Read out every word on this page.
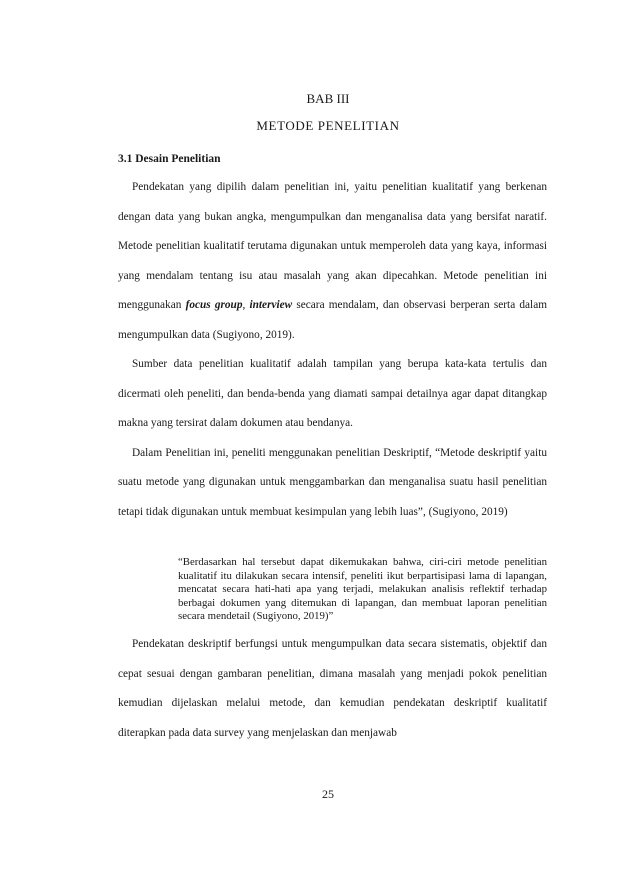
BAB III
METODE PENELITIAN
3.1 Desain Penelitian

Pendekatan yang dipilih dalam penelitian ini, yaitu penelitian kualitatif yang berkenan dengan data yang bukan angka, mengumpulkan dan menganalisa data yang bersifat naratif. Metode penelitian kualitatif terutama digunakan untuk memperoleh data yang kaya, informasi yang mendalam tentang isu atau masalah yang akan dipecahkan. Metode penelitian ini menggunakan focus group, interview secara mendalam, dan observasi berperan serta dalam mengumpulkan data (Sugiyono, 2019).

Sumber data penelitian kualitatif adalah tampilan yang berupa kata-kata tertulis dan dicermati oleh peneliti, dan benda-benda yang diamati sampai detailnya agar dapat ditangkap makna yang tersirat dalam dokumen atau bendanya.

Dalam Penelitian ini, peneliti menggunakan penelitian Deskriptif, “Metode deskriptif yaitu suatu metode yang digunakan untuk menggambarkan dan menganalisa suatu hasil penelitian tetapi tidak digunakan untuk membuat kesimpulan yang lebih luas”, (Sugiyono, 2019)

“Berdasarkan hal tersebut dapat dikemukakan bahwa, ciri-ciri metode penelitian kualitatif itu dilakukan secara intensif, peneliti ikut berpartisipasi lama di lapangan, mencatat secara hati-hati apa yang terjadi, melakukan analisis reflektif terhadap berbagai dokumen yang ditemukan di lapangan, dan membuat laporan penelitian secara mendetail (Sugiyono, 2019)”

Pendekatan deskriptif berfungsi untuk mengumpulkan data secara sistematis, objektif dan cepat sesuai dengan gambaran penelitian, dimana masalah yang menjadi pokok penelitian kemudian dijelaskan melalui metode, dan kemudian pendekatan deskriptif kualitatif diterapkan pada data survey yang menjelaskan dan menjawab

25
